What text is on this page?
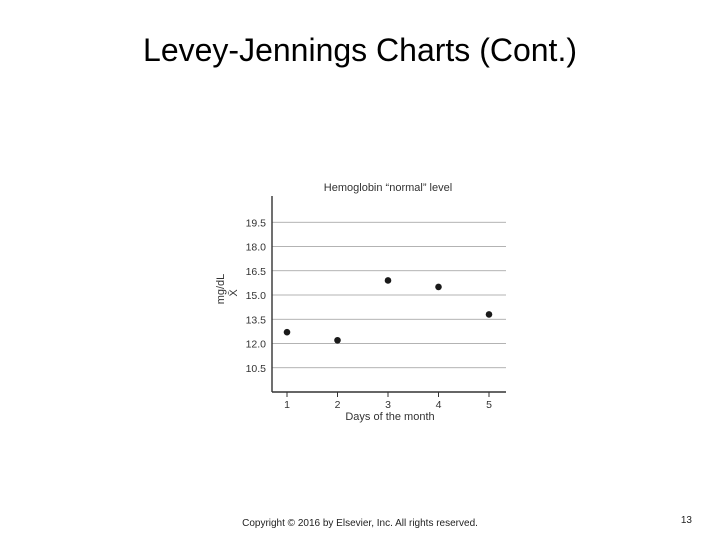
Levey-Jennings Charts (Cont.)
Hemoglobin “normal” level
19.5
18.0
16.5
15.0
13.5
12.0
10.5
1	2	3	4	5
mg/dL X̄
Days of the month
Copyright © 2016 by Elsevier, Inc. All rights reserved.	13
